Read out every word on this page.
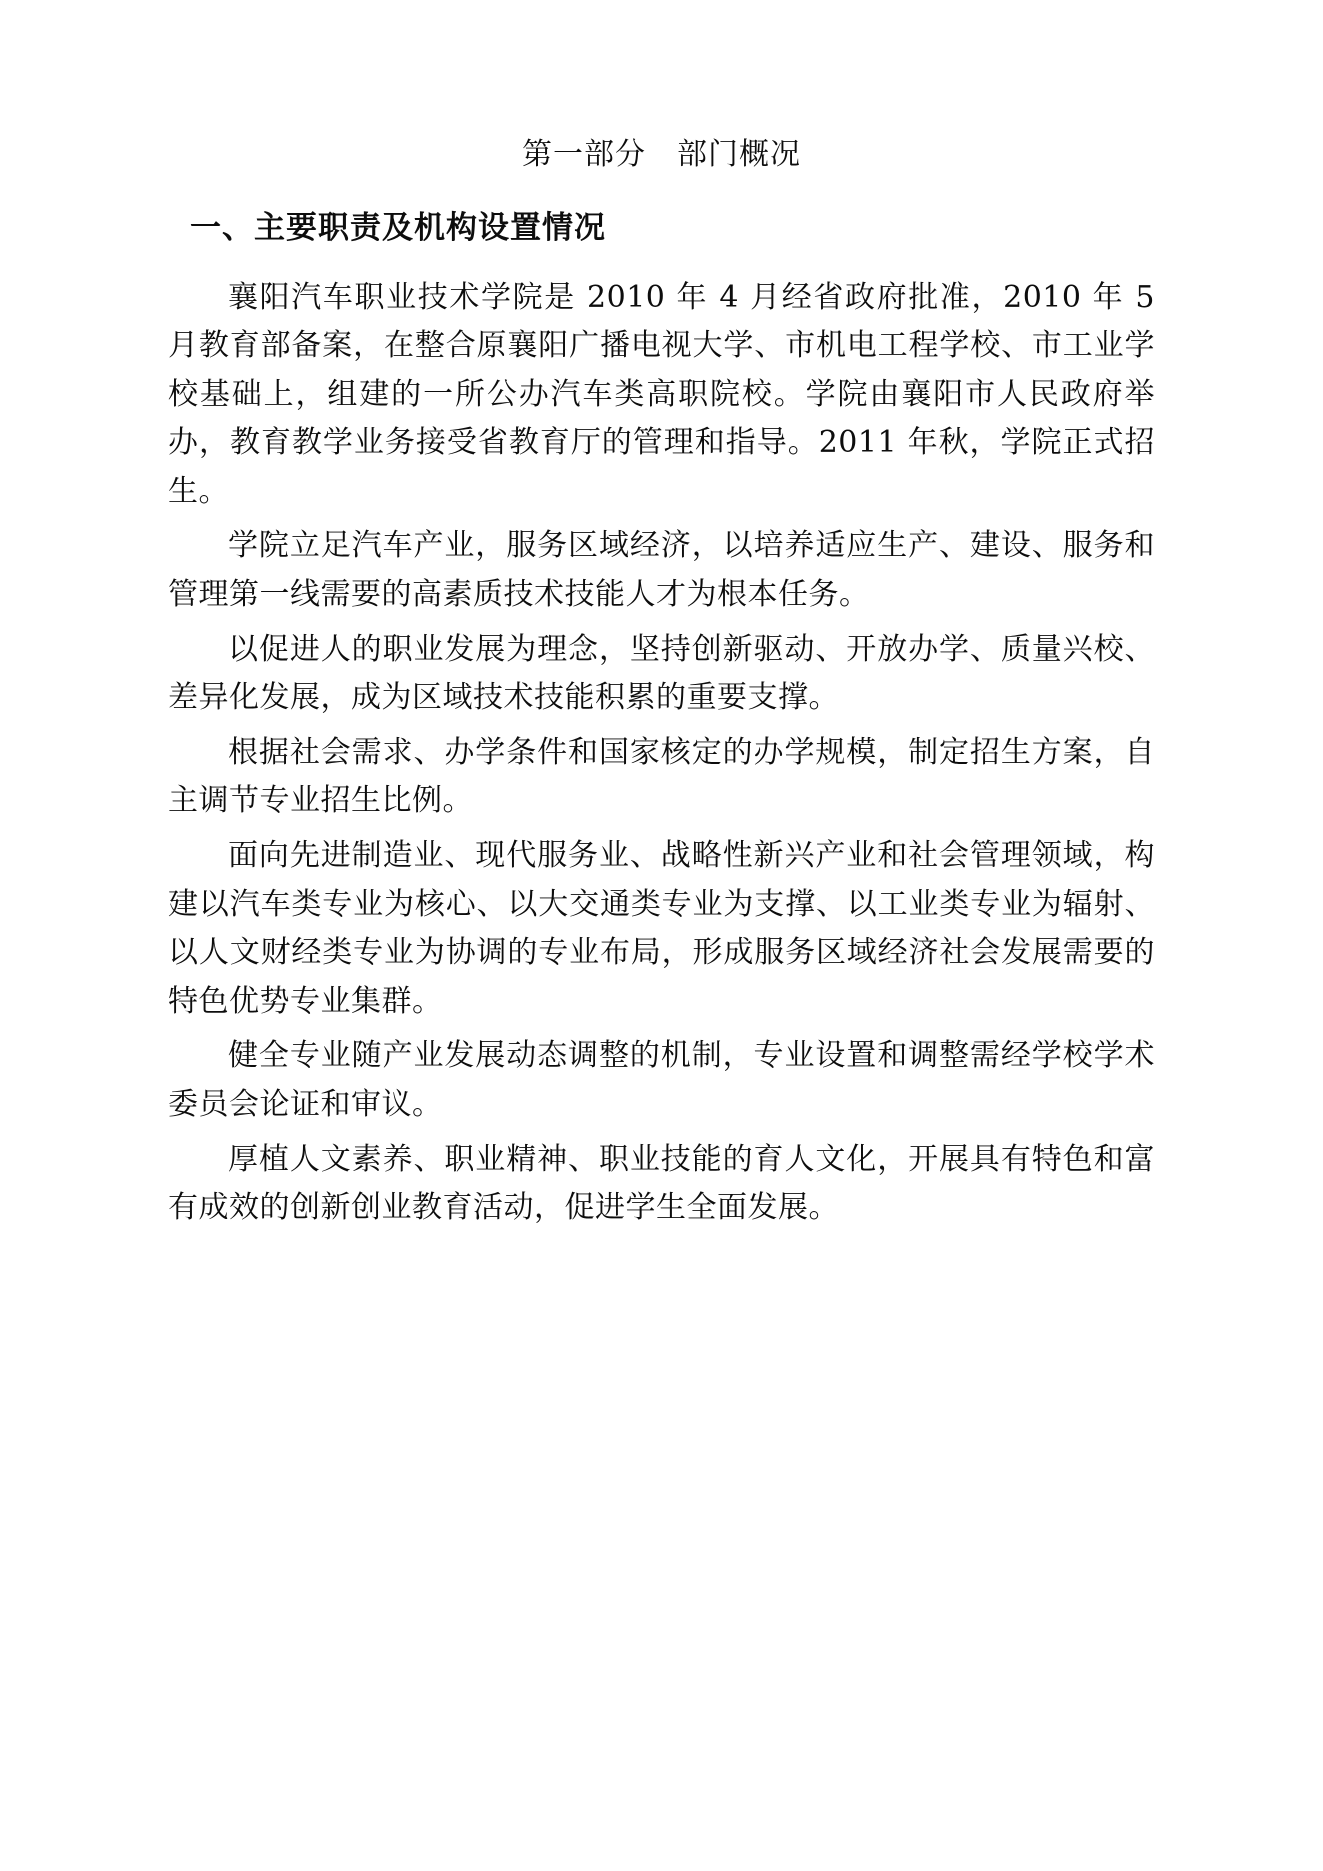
第一部分　部门概况
一、主要职责及机构设置情况

襄阳汽车职业技术学院是 2010 年 4 月经省政府批准，2010 年 5 月教育部备案，在整合原襄阳广播电视大学、市机电工程学校、市工业学校基础上，组建的一所公办汽车类高职院校。学院由襄阳市人民政府举办，教育教学业务接受省教育厅的管理和指导。2011 年秋，学院正式招生。

学院立足汽车产业，服务区域经济，以培养适应生产、建设、服务和管理第一线需要的高素质技术技能人才为根本任务。

以促进人的职业发展为理念，坚持创新驱动、开放办学、质量兴校、差异化发展，成为区域技术技能积累的重要支撑。

根据社会需求、办学条件和国家核定的办学规模，制定招生方案，自主调节专业招生比例。

面向先进制造业、现代服务业、战略性新兴产业和社会管理领域，构建以汽车类专业为核心、以大交通类专业为支撑、以工业类专业为辐射、以人文财经类专业为协调的专业布局，形成服务区域经济社会发展需要的特色优势专业集群。

健全专业随产业发展动态调整的机制，专业设置和调整需经学校学术委员会论证和审议。

厚植人文素养、职业精神、职业技能的育人文化，开展具有特色和富有成效的创新创业教育活动，促进学生全面发展。
